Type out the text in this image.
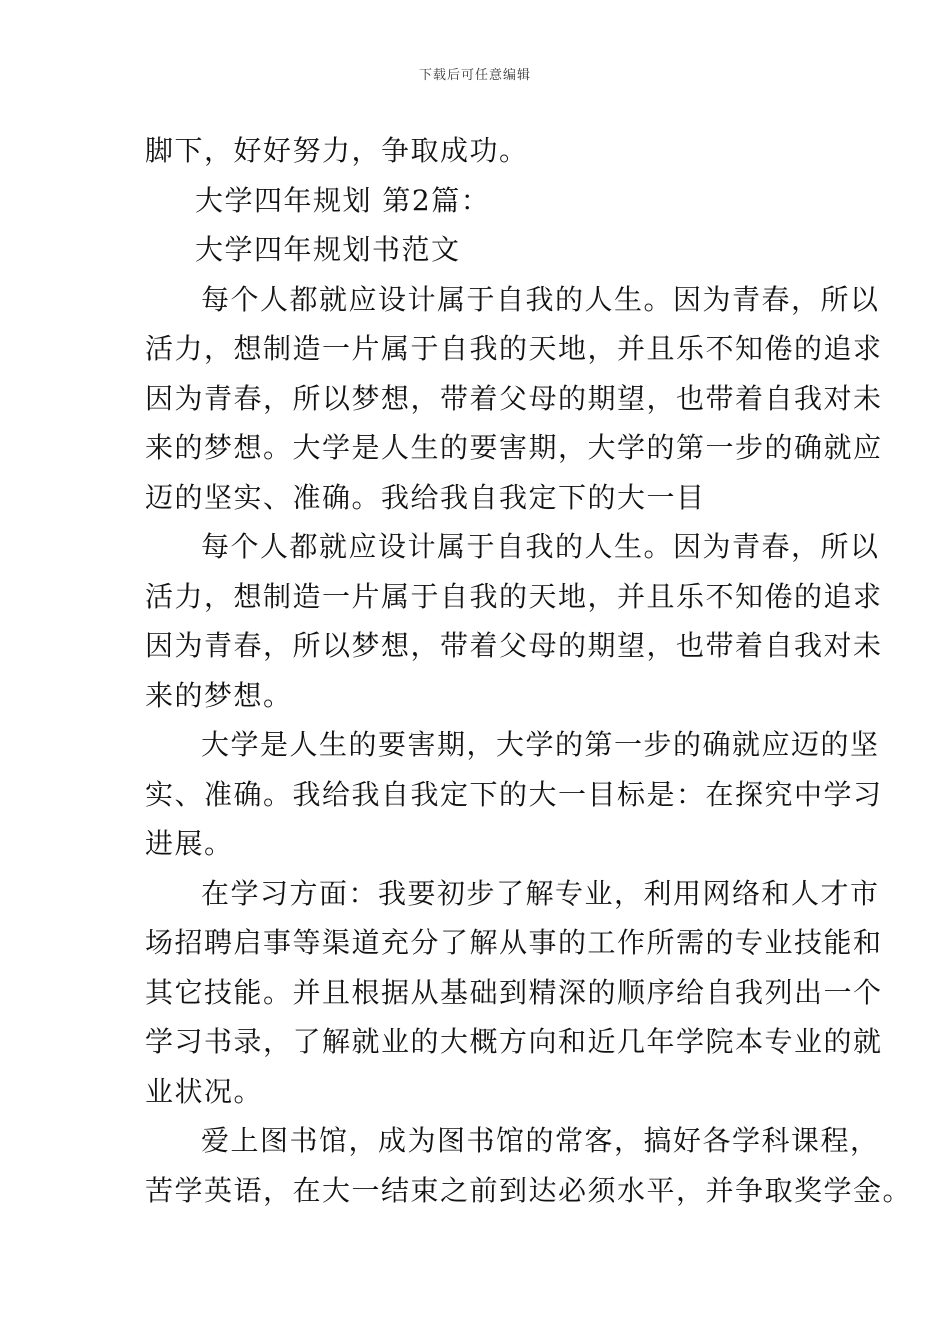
下载后可任意编辑
脚下，好好努力，争取成功。
大学四年规划 第2篇：
大学四年规划书范文
每个人都就应设计属于自我的人生。因为青春，所以
活力，想制造一片属于自我的天地，并且乐不知倦的追求
因为青春，所以梦想，带着父母的期望，也带着自我对未
来的梦想。大学是人生的要害期，大学的第一步的确就应
迈的坚实、准确。我给我自我定下的大一目
每个人都就应设计属于自我的人生。因为青春，所以
活力，想制造一片属于自我的天地，并且乐不知倦的追求
因为青春，所以梦想，带着父母的期望，也带着自我对未
来的梦想。
大学是人生的要害期，大学的第一步的确就应迈的坚
实、准确。我给我自我定下的大一目标是：在探究中学习
进展。
在学习方面：我要初步了解专业，利用网络和人才市
场招聘启事等渠道充分了解从事的工作所需的专业技能和
其它技能。并且根据从基础到精深的顺序给自我列出一个
学习书录，了解就业的大概方向和近几年学院本专业的就
业状况。
爱上图书馆，成为图书馆的常客，搞好各学科课程，
苦学英语，在大一结束之前到达必须水平，并争取奖学金。
